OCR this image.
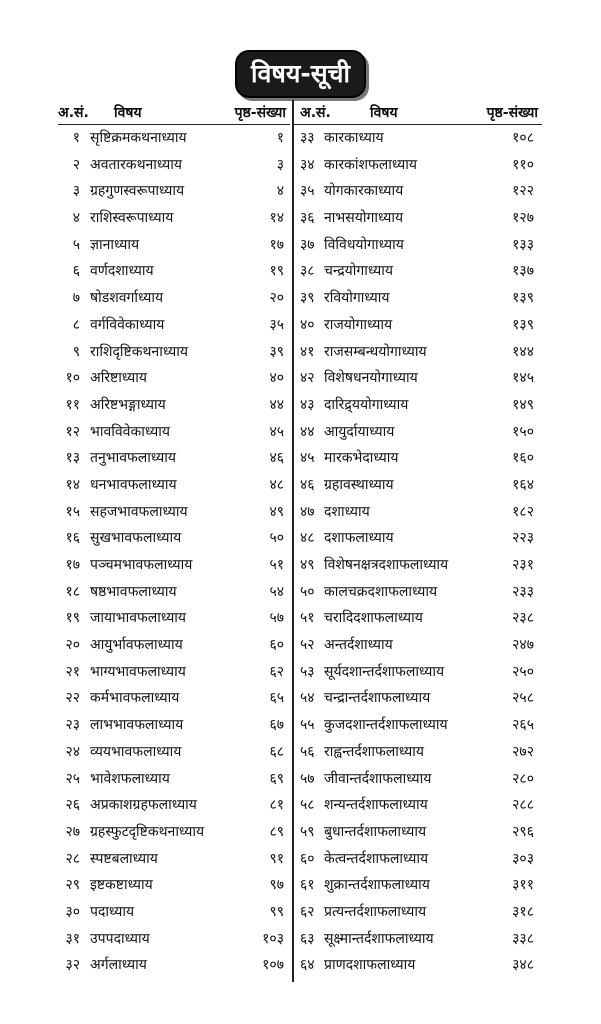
विषय-सूची
अ.सं. विषय	पृष्ठ-संख्या
१ सृष्टिक्रमकथनाध्याय	१
२ अवतारकथनाध्याय	३
३ ग्रहगुणस्वरूपाध्याय	४
४ राशिस्वरूपाध्याय	१४
५ ज्ञानाध्याय	१७
६ वर्णदशाध्याय	१९
७ षोडशवर्गाध्याय	२०
८ वर्गविवेकाध्याय	३५
९ राशिदृष्टिकथनाध्याय	३९
१० अरिष्टाध्याय	४०
११ अरिष्टभङ्गाध्याय	४४
१२ भावविवेकाध्याय	४५
१३ तनुभावफलाध्याय	४६
१४ धनभावफलाध्याय	४८
१५ सहजभावफलाध्याय	४९
१६ सुखभावफलाध्याय	५०
१७ पञ्चमभावफलाध्याय	५१
१८ षष्ठभावफलाध्याय	५४
१९ जायाभावफलाध्याय	५७
२० आयुर्भावफलाध्याय	६०
२१ भाग्यभावफलाध्याय	६२
२२ कर्मभावफलाध्याय	६५
२३ लाभभावफलाध्याय	६७
२४ व्ययभावफलाध्याय	६८
२५ भावेशफलाध्याय	६९
२६ अप्रकाशग्रहफलाध्याय	८१
२७ ग्रहस्फुटदृष्टिकथनाध्याय	८९
२८ स्पष्टबलाध्याय	९१
२९ इष्टकष्टाध्याय	९७
३० पदाध्याय	९९
३१ उपपदाध्याय	१०३
३२ अर्गलाध्याय	१०७
अ.सं.	विषय	पृष्ठ-संख्या
३३ कारकाध्याय	१०८
३४ कारकांशफलाध्याय	११०
३५ योगकारकाध्याय	१२२
३६ नाभसयोगाध्याय	१२७
३७ विविधयोगाध्याय	१३३
३८ चन्द्रयोगाध्याय	१३७
३९ रवियोगाध्याय	१३९
४० राजयोगाध्याय	१३९
४१ राजसम्बन्धयोगाध्याय	१४४
४२ विशेषधनयोगाध्याय	१४५
४३ दारिद्र्ययोगाध्याय	१४९
४४ आयुर्दायाध्याय	१५०
४५ मारकभेदाध्याय	१६०
४६ ग्रहावस्थाध्याय	१६४
४७ दशाध्याय	१८२
४८ दशाफलाध्याय	२२३
४९ विशेषनक्षत्रदशाफलाध्याय	२३१
५० कालचक्रदशाफलाध्याय	२३३
५१ चरादिदशाफलाध्याय	२३८
५२ अन्तर्दशाध्याय	२४७
५३ सूर्यदशान्तर्दशाफलाध्याय	२५०
५४ चन्द्रान्तर्दशाफलाध्याय	२५८
५५ कुजदशान्तर्दशाफलाध्याय	२६५
५६ राह्वन्तर्दशाफलाध्याय	२७२
५७ जीवान्तर्दशाफलाध्याय	२८०
५८ शन्यन्तर्दशाफलाध्याय	२८८
५९ बुधान्तर्दशाफलाध्याय	२९६
६० केत्वन्तर्दशाफलाध्याय	३०३
६१ शुक्रान्तर्दशाफलाध्याय	३११
६२ प्रत्यन्तर्दशाफलाध्याय	३१८
६३ सूक्ष्मान्तर्दशाफलाध्याय	३३८
६४ प्राणदशाफलाध्याय	३४८
